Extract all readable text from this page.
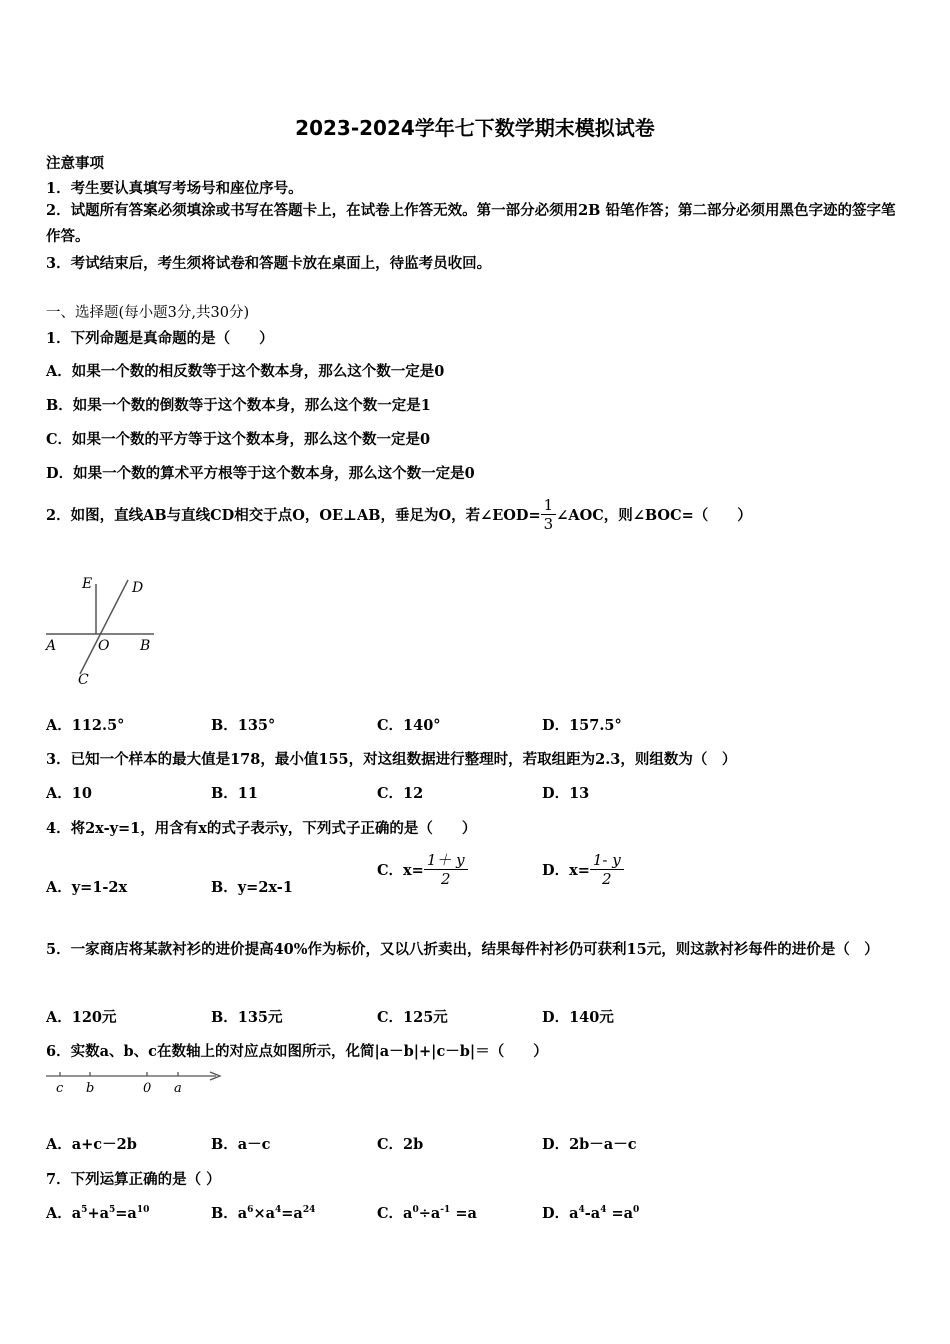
2023-2024学年七下数学期末模拟试卷
注意事项
1．考生要认真填写考场号和座位序号。
2．试题所有答案必须填涂或书写在答题卡上，在试卷上作答无效。第一部分必须用2B 铅笔作答；第二部分必须用黑色字迹的签字笔作答。
3．考试结束后，考生须将试卷和答题卡放在桌面上，待监考员收回。
一、选择题(每小题3分,共30分)
1．下列命题是真命题的是（　　）
A．如果一个数的相反数等于这个数本身，那么这个数一定是0
B．如果一个数的倒数等于这个数本身，那么这个数一定是1
C．如果一个数的平方等于这个数本身，那么这个数一定是0
D．如果一个数的算术平方根等于这个数本身，那么这个数一定是0
2．如图，直线AB与直线CD相交于点O，OE⊥AB，垂足为O，若∠EOD= $\frac{1}{3}$ ∠AOC，则∠BOC=（　　）
E	D
A	O B
C
A．112.5°	B．135°	C．140°	D．157.5°
3．已知一个样本的最大值是178，最小值155，对这组数据进行整理时，若取组距为2.3，则组数为（　）
A．10	B．11	C．12	D．13
4．将2x-y=1，用含有x的式子表示y，下列式子正确的是（　　）
A．y=1-2x	B．y=2x-1
C．$x= \frac{1+ y}{2}$	D．$x= \frac{1- y}{2}$
5．一家商店将某款衬衫的进价提高40%作为标价，又以八折卖出，结果每件衬衫仍可获利15元，则这款衬衫每件的进价是（　）
A．120元	B．135元	C．125元	D．140元
6．实数a、b、c在数轴上的对应点如图所示，化简|a－b|+|c－b|＝（　　）
c b	0 a
A．a+c－2b	B．a－c	C．2b	D．2b－a－c
7．下列运算正确的是（ ）
A．$a^5+a^5=a^{10}$	B．$a^6\times a^4=a^{24}$	C．$a^0\div a^{-1} =a$	D．$a^4-a^4 =a^0$
